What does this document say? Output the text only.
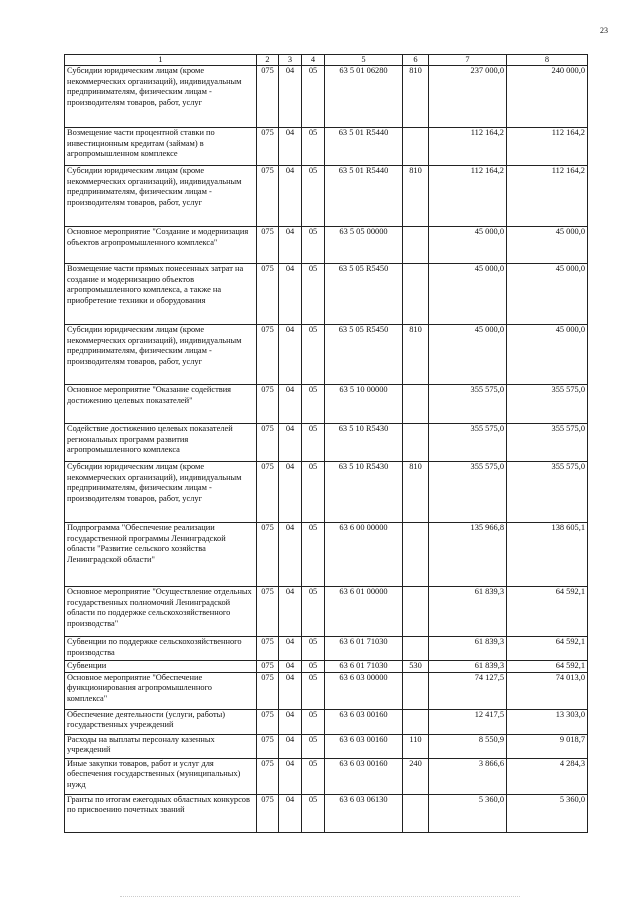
23
1	2	3	4	5	6	7	8
Субсидии юридическим лицам (кроме некоммерческих организаций), индивидуальным предпринимателям, физическим лицам - производителям товаров, работ, услуг	075	04	05	63 5 01 06280	810	237 000,0	240 000,0
Возмещение части процентной ставки по инвестиционным кредитам (займам) в агропромышленном комплексе	075	04	05	63 5 01 R5440		112 164,2	112 164,2
Субсидии юридическим лицам (кроме некоммерческих организаций), индивидуальным предпринимателям, физическим лицам - производителям товаров, работ, услуг	075	04	05	63 5 01 R5440	810	112 164,2	112 164,2
Основное мероприятие "Создание и модернизация объектов агропромышленного комплекса"	075	04	05	63 5 05 00000		45 000,0	45 000,0
Возмещение части прямых понесенных затрат на создание и модернизацию объектов агропромышленного комплекса, а также на приобретение техники и оборудования	075	04	05	63 5 05 R5450		45 000,0	45 000,0
Субсидии юридическим лицам (кроме некоммерческих организаций), индивидуальным предпринимателям, физическим лицам - производителям товаров, работ, услуг	075	04	05	63 5 05 R5450	810	45 000,0	45 000,0
Основное мероприятие "Оказание содействия достижению целевых показателей"	075	04	05	63 5 10 00000		355 575,0	355 575,0
Содействие достижению целевых показателей региональных программ развития агропромышленного комплекса	075	04	05	63 5 10 R5430		355 575,0	355 575,0
Субсидии юридическим лицам (кроме некоммерческих организаций), индивидуальным предпринимателям, физическим лицам - производителям товаров, работ, услуг	075	04	05	63 5 10 R5430	810	355 575,0	355 575,0
Подпрограмма "Обеспечение реализации государственной программы Ленинградской области "Развитие сельского хозяйства Ленинградской области"	075	04	05	63 6 00 00000		135 966,8	138 605,1
Основное мероприятие "Осуществление отдельных государственных полномочий Ленинградской области по поддержке сельскохозяйственного производства"	075	04	05	63 6 01 00000		61 839,3	64 592,1
Субвенции по поддержке сельскохозяйственного производства	075	04	05	63 6 01 71030		61 839,3	64 592,1
Субвенции	075	04	05	63 6 01 71030	530	61 839,3	64 592,1
Основное мероприятие "Обеспечение функционирования агропромышленного комплекса"	075	04	05	63 6 03 00000		74 127,5	74 013,0
Обеспечение деятельности (услуги, работы) государственных учреждений	075	04	05	63 6 03 00160		12 417,5	13 303,0
Расходы на выплаты персоналу казенных учреждений	075	04	05	63 6 03 00160	110	8 550,9	9 018,7
Иные закупки товаров, работ и услуг для обеспечения государственных (муниципальных) нужд	075	04	05	63 6 03 00160	240	3 866,6	4 284,3
Гранты по итогам ежегодных областных конкурсов по присвоению почетных званий	075	04	05	63 6 03 06130		5 360,0	5 360,0
